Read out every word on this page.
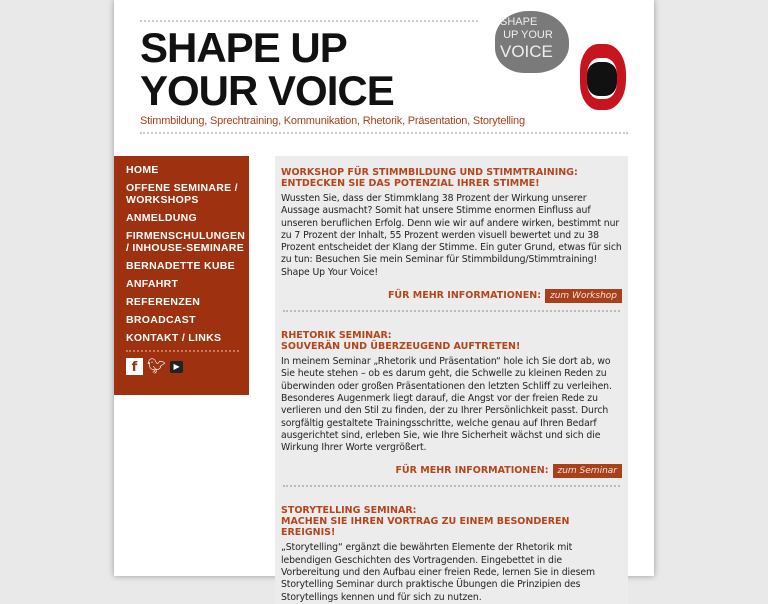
SHAPE UP
YOUR VOICE
Stimmbildung, Sprechtraining, Kommunikation, Rhetorik, Präsentation, Storytelling
SHAPE
UP YOUR
VOICE
HOME
OFFENE SEMINARE / WORKSHOPS
ANMELDUNG
FIRMENSCHULUNGEN / INHOUSE-SEMINARE
BERNADETTE KUBE
ANFAHRT
REFERENZEN
BROADCAST
KONTAKT / LINKS
f 🐦︎ ▶
WORKSHOP FÜR STIMMBILDUNG UND STIMMTRAINING:
ENTDECKEN SIE DAS POTENZIAL IHRER STIMME!

Wussten Sie, dass der Stimmklang 38 Prozent der Wirkung unserer Aussage ausmacht? Somit hat unsere Stimme enormen Einfluss auf unseren beruflichen Erfolg. Denn wie wir auf andere wirken, bestimmt nur zu 7 Prozent der Inhalt, 55 Prozent werden visuell bewertet und zu 38 Prozent entscheidet der Klang der Stimme. Ein guter Grund, etwas für sich zu tun: Besuchen Sie mein Seminar für Stimmbildung/Stimmtraining! Shape Up Your Voice!

FÜR MEHR INFORMATIONEN: zum Workshop
RHETORIK SEMINAR:
SOUVERÄN UND ÜBERZEUGEND AUFTRETEN!

In meinem Seminar „Rhetorik und Präsentation“ hole ich Sie dort ab, wo Sie heute stehen – ob es darum geht, die Schwelle zu kleinen Reden zu überwinden oder großen Präsentationen den letzten Schliff zu verleihen. Besonderes Augenmerk liegt darauf, die Angst vor der freien Rede zu verlieren und den Stil zu finden, der zu Ihrer Persönlichkeit passt. Durch sorgfältig gestaltete Trainingsschritte, welche genau auf Ihren Bedarf ausgerichtet sind, erleben Sie, wie Ihre Sicherheit wächst und sich die Wirkung Ihrer Worte vergrößert.

FÜR MEHR INFORMATIONEN: zum Seminar
STORYTELLING SEMINAR:
MACHEN SIE IHREN VORTRAG ZU EINEM BESONDEREN EREIGNIS!

„Storytelling“ ergänzt die bewährten Elemente der Rhetorik mit lebendigen Geschichten des Vortragenden. Eingebettet in die Vorbereitung und den Aufbau einer freien Rede, lernen Sie in diesem Storytelling Seminar durch praktische Übungen die Prinzipien des Storytellings kennen und für sich zu nutzen.
